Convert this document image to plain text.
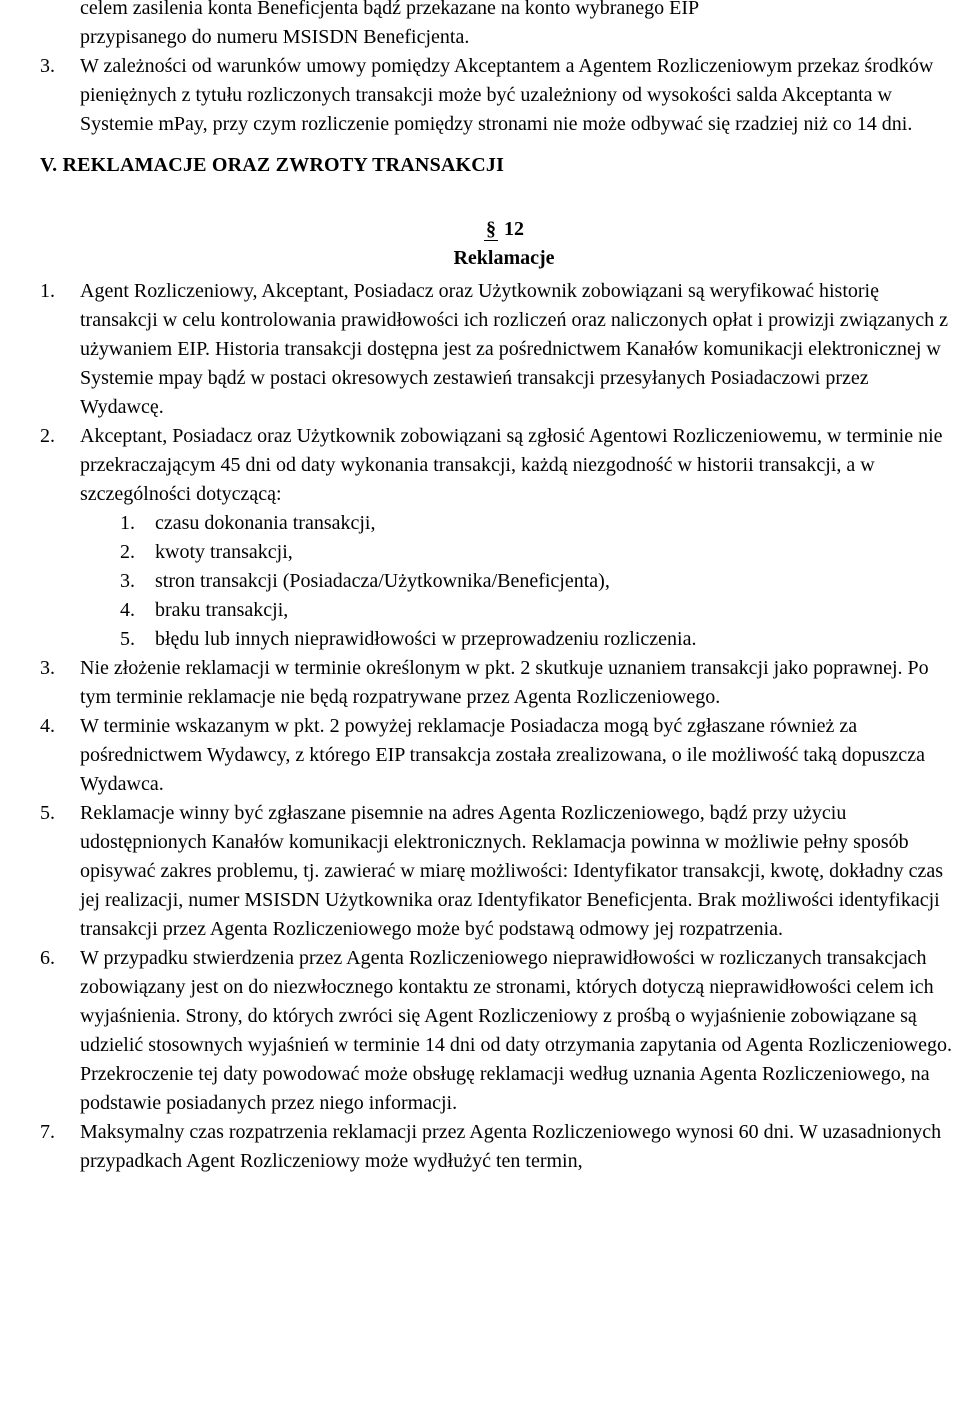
celem zasilenia konta Beneficjenta bądź przekazane na konto wybranego EIP

przypisanego do numeru MSISDN Beneficjenta.

3. W zależności od warunków umowy pomiędzy Akceptantem a Agentem Rozliczeniowym przekaz środków pieniężnych z tytułu rozliczonych transakcji może być uzależniony od wysokości salda Akceptanta w Systemie mPay, przy czym rozliczenie pomiędzy stronami nie może odbywać się rzadziej niż co 14 dni.
V. REKLAMACJE ORAZ ZWROTY TRANSAKCJI

§ 12

Reklamacje

1. Agent Rozliczeniowy, Akceptant, Posiadacz oraz Użytkownik zobowiązani są weryfikować historię transakcji w celu kontrolowania prawidłowości ich rozliczeń oraz naliczonych opłat i prowizji związanych z używaniem EIP. Historia transakcji dostępna jest za pośrednictwem Kanałów komunikacji elektronicznej w Systemie mpay bądź w postaci okresowych zestawień transakcji przesyłanych Posiadaczowi przez Wydawcę.
2. Akceptant, Posiadacz oraz Użytkownik zobowiązani są zgłosić Agentowi Rozliczeniowemu, w terminie nie przekraczającym 45 dni od daty wykonania transakcji, każdą niezgodność w historii transakcji, a w szczególności dotyczącą:
1. czasu dokonania transakcji,
2. kwoty transakcji,
3. stron transakcji (Posiadacza/Użytkownika/Beneficjenta),
4. braku transakcji,
5. błędu lub innych nieprawidłowości w przeprowadzeniu rozliczenia.
3. Nie złożenie reklamacji w terminie określonym w pkt. 2 skutkuje uznaniem transakcji jako poprawnej. Po tym terminie reklamacje nie będą rozpatrywane przez Agenta Rozliczeniowego.
4. W terminie wskazanym w pkt. 2 powyżej reklamacje Posiadacza mogą być zgłaszane również za pośrednictwem Wydawcy, z którego EIP transakcja została zrealizowana, o ile możliwość taką dopuszcza Wydawca.
5. Reklamacje winny być zgłaszane pisemnie na adres Agenta Rozliczeniowego, bądź przy użyciu udostępnionych Kanałów komunikacji elektronicznych. Reklamacja powinna w możliwie pełny sposób opisywać zakres problemu, tj. zawierać w miarę możliwości: Identyfikator transakcji, kwotę, dokładny czas jej realizacji, numer MSISDN Użytkownika oraz Identyfikator Beneficjenta. Brak możliwości identyfikacji transakcji przez Agenta Rozliczeniowego może być podstawą odmowy jej rozpatrzenia.
6. W przypadku stwierdzenia przez Agenta Rozliczeniowego nieprawidłowości w rozliczanych transakcjach zobowiązany jest on do niezwłocznego kontaktu ze stronami, których dotyczą nieprawidłowości celem ich wyjaśnienia. Strony, do których zwróci się Agent Rozliczeniowy z prośbą o wyjaśnienie zobowiązane są udzielić stosownych wyjaśnień w terminie 14 dni od daty otrzymania zapytania od Agenta Rozliczeniowego. Przekroczenie tej daty powodować może obsługę reklamacji według uznania Agenta Rozliczeniowego, na podstawie posiadanych przez niego informacji.
7. Maksymalny czas rozpatrzenia reklamacji przez Agenta Rozliczeniowego wynosi 60 dni. W uzasadnionych przypadkach Agent Rozliczeniowy może wydłużyć ten termin,
